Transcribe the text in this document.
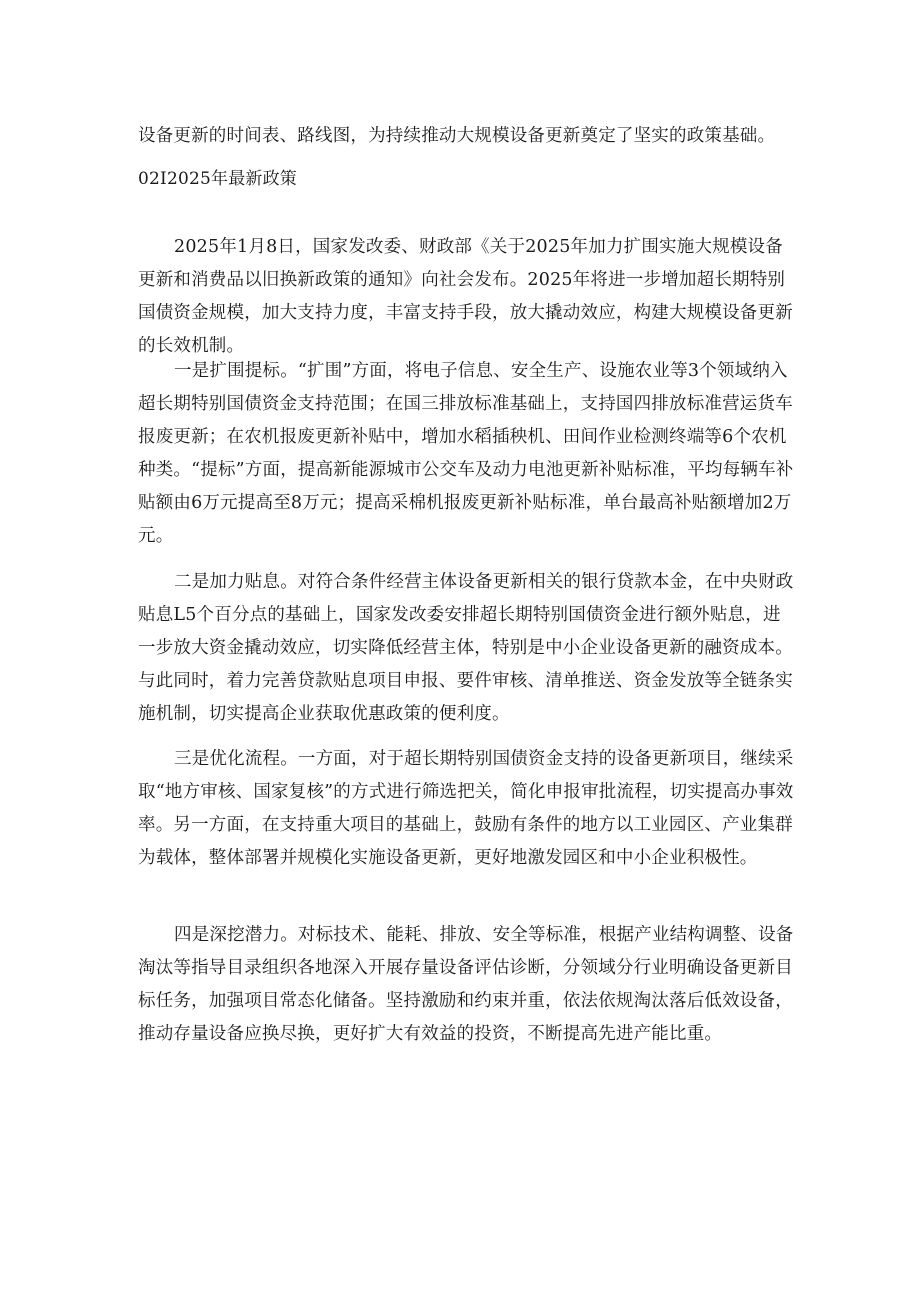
设备更新的时间表、路线图，为持续推动大规模设备更新奠定了坚实的政策基础。
02I2025年最新政策
2025年1月8日，国家发改委、财政部《关于2025年加力扩围实施大规模设备更新和消费品以旧换新政策的通知》向社会发布。2025年将进一步增加超长期特别国债资金规模，加大支持力度，丰富支持手段，放大撬动效应，构建大规模设备更新的长效机制。
一是扩围提标。“扩围”方面，将电子信息、安全生产、设施农业等3个领域纳入超长期特别国债资金支持范围；在国三排放标准基础上，支持国四排放标准营运货车报废更新；在农机报废更新补贴中，增加水稻插秧机、田间作业检测终端等6个农机种类。“提标”方面，提高新能源城市公交车及动力电池更新补贴标准，平均每辆车补贴额由6万元提高至8万元；提高采棉机报废更新补贴标准，单台最高补贴额增加2万元。
二是加力贴息。对符合条件经营主体设备更新相关的银行贷款本金，在中央财政贴息L5个百分点的基础上，国家发改委安排超长期特别国债资金进行额外贴息，进一步放大资金撬动效应，切实降低经营主体，特别是中小企业设备更新的融资成本。与此同时，着力完善贷款贴息项目申报、要件审核、清单推送、资金发放等全链条实施机制，切实提高企业获取优惠政策的便利度。
三是优化流程。一方面，对于超长期特别国债资金支持的设备更新项目，继续采取“地方审核、国家复核”的方式进行筛选把关，简化申报审批流程，切实提高办事效率。另一方面，在支持重大项目的基础上，鼓励有条件的地方以工业园区、产业集群为载体，整体部署并规模化实施设备更新，更好地激发园区和中小企业积极性。
四是深挖潜力。对标技术、能耗、排放、安全等标准，根据产业结构调整、设备淘汰等指导目录组织各地深入开展存量设备评估诊断，分领域分行业明确设备更新目标任务，加强项目常态化储备。坚持激励和约束并重，依法依规淘汰落后低效设备，推动存量设备应换尽换，更好扩大有效益的投资，不断提高先进产能比重。
